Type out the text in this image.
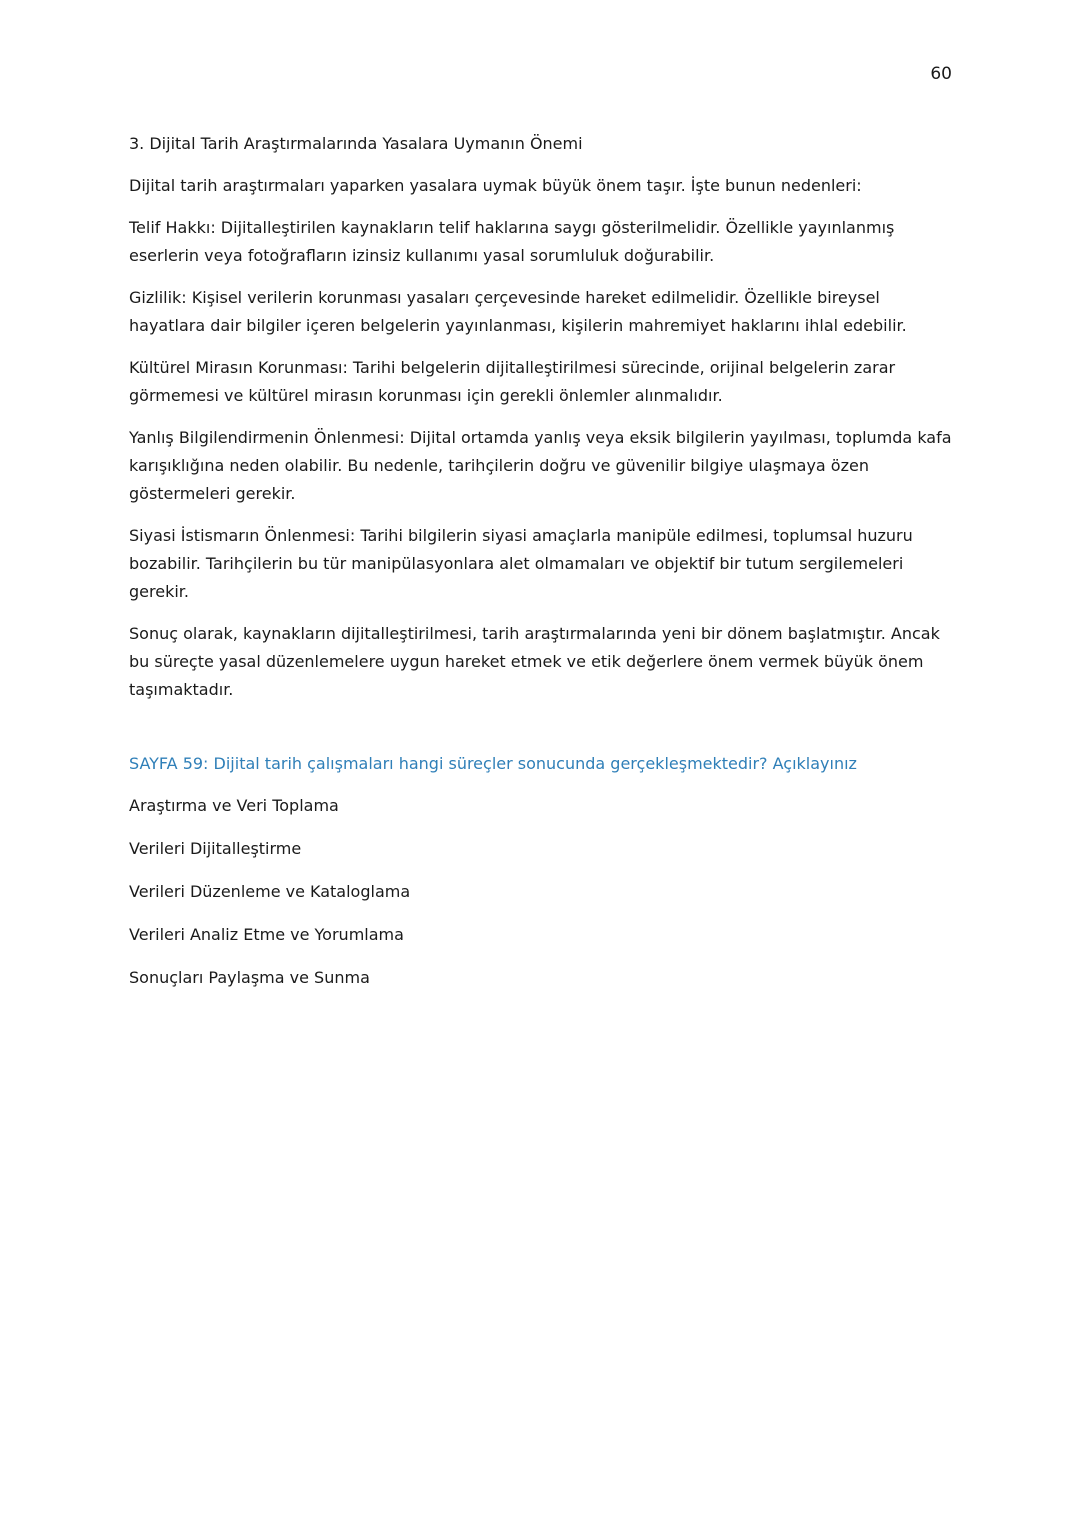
60

3. Dijital Tarih Araştırmalarında Yasalara Uymanın Önemi

Dijital tarih araştırmaları yaparken yasalara uymak büyük önem taşır. İşte bunun nedenleri:

Telif Hakkı: Dijitalleştirilen kaynakların telif haklarına saygı gösterilmelidir. Özellikle yayınlanmış eserlerin veya fotoğrafların izinsiz kullanımı yasal sorumluluk doğurabilir.

Gizlilik: Kişisel verilerin korunması yasaları çerçevesinde hareket edilmelidir. Özellikle bireysel hayatlara dair bilgiler içeren belgelerin yayınlanması, kişilerin mahremiyet haklarını ihlal edebilir.

Kültürel Mirasın Korunması: Tarihi belgelerin dijitalleştirilmesi sürecinde, orijinal belgelerin zarar görmemesi ve kültürel mirasın korunması için gerekli önlemler alınmalıdır.

Yanlış Bilgilendirmenin Önlenmesi: Dijital ortamda yanlış veya eksik bilgilerin yayılması, toplumda kafa karışıklığına neden olabilir. Bu nedenle, tarihçilerin doğru ve güvenilir bilgiye ulaşmaya özen göstermeleri gerekir.

Siyasi İstismarın Önlenmesi: Tarihi bilgilerin siyasi amaçlarla manipüle edilmesi, toplumsal huzuru bozabilir. Tarihçilerin bu tür manipülasyonlara alet olmamaları ve objektif bir tutum sergilemeleri gerekir.

Sonuç olarak, kaynakların dijitalleştirilmesi, tarih araştırmalarında yeni bir dönem başlatmıştır. Ancak bu süreçte yasal düzenlemelere uygun hareket etmek ve etik değerlere önem vermek büyük önem taşımaktadır.

SAYFA 59: Dijital tarih çalışmaları hangi süreçler sonucunda gerçekleşmektedir? Açıklayınız

Araştırma ve Veri Toplama
Verileri Dijitalleştirme
Verileri Düzenleme ve Kataloglama
Verileri Analiz Etme ve Yorumlama
Sonuçları Paylaşma ve Sunma
